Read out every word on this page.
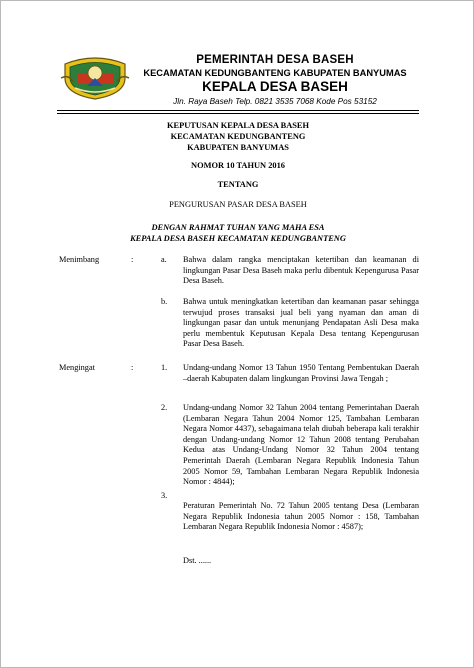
PEMERINTAH DESA BASEH
KECAMATAN KEDUNGBANTENG KABUPATEN BANYUMAS
KEPALA DESA BASEH
Jln. Raya Baseh Telp. 0821 3535 7068 Kode Pos 53152
KEPUTUSAN KEPALA DESA BASEH
KECAMATAN KEDUNGBANTENG
KABUPATEN BANYUMAS
NOMOR 10 TAHUN 2016
TENTANG
PENGURUSAN PASAR DESA BASEH
DENGAN RAHMAT TUHAN YANG MAHA ESA
KEPALA DESA BASEH KECAMATAN KEDUNGBANTENG
Menimbang	:	a. Bahwa dalam rangka menciptakan ketertiban dan keamanan di lingkungan Pasar Desa Baseh maka perlu dibentuk Kepengurusa Pasar Desa Baseh.
b. Bahwa untuk meningkatkan ketertiban dan keamanan pasar sehingga terwujud proses transaksi jual beli yang nyaman dan aman di lingkungan pasar dan untuk menunjang Pendapatan Asli Desa maka perlu membentuk Keputusan Kepala Desa tentang Kepengurusan Pasar Desa Baseh.
Mengingat	:	1. Undang-undang Nomor 13 Tahun 1950 Tentang Pembentukan Daerah –daerah Kabupaten dalam lingkungan Provinsi Jawa Tengah ;
2. Undang-undang Nomor 32 Tahun 2004 tentang Pemerintahan Daerah (Lembaran Negara Tahun 2004 Nomor 125, Tambahan Lembaran Negara Nomor 4437), sebagaimana telah diubah beberapa kali terakhir dengan Undang-undang Nomor 12 Tahun 2008 tentang Perubahan Kedua atas Undang-Undang Nomor 32 Tahun 2004 tentang Pemerintah Daerah (Lembaran Negara Republik Indonesia Tahun 2005 Nomor 59, Tambahan Lembaran Negara Republik Indonesia Nomor : 4844);
3.
Peraturan Pemerintah No. 72 Tahun 2005 tentang Desa (Lembaran Negara Republik Indonesia tahun 2005 Nomor : 158, Tambahan Lembaran Negara Republik Indonesia Nomor : 4587);
Dst. ......
